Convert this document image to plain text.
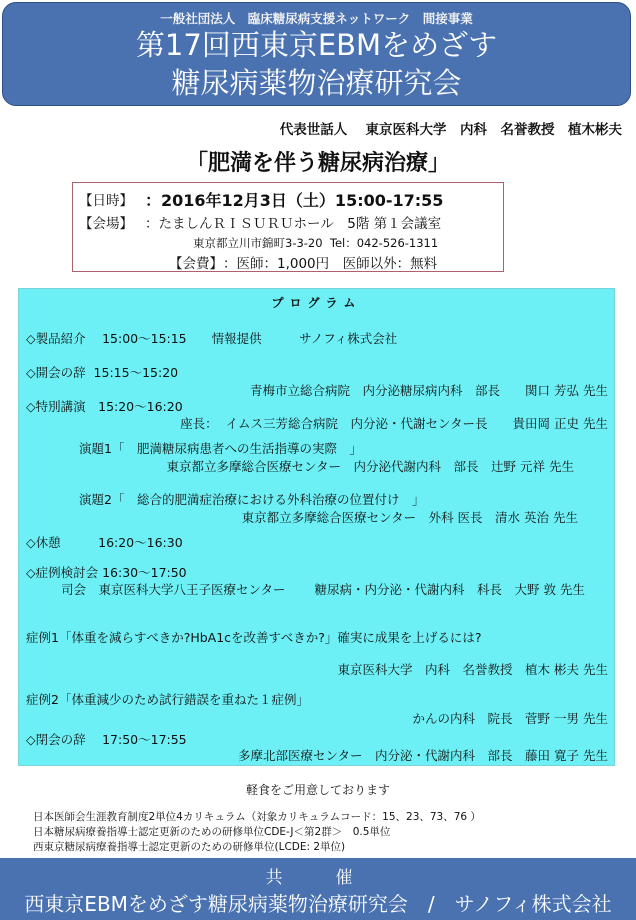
一般社団法人　臨床糖尿病支援ネットワーク　間接事業
第17回西東京EBMをめざす
糖尿病薬物治療研究会
代表世話人　 東京医科大学　内科　名誉教授　植木彬夫
「肥満を伴う糖尿病治療」
【日時】 ：2016年12月3日（土）15:00-17:55
【会場】 ：たましんＲＩＳＵＲＵホール　5階 第１会議室
東京都立川市錦町3-3-20  Tel：042-526-1311
【会費】 ：医師：1,000円　医師以外：無料
プログラム
◇製品紹介　 15:00～15:15　　情報提供　　　サノフィ株式会社
◇開会の辞  15:15～15:20
青梅市立総合病院　内分泌糖尿病内科　部長　　関口 芳弘 先生
◇特別講演　15:20～16:20
座長：  イムス三芳総合病院　内分泌・代謝センター長　　貴田岡 正史 先生
演題1「　肥満糖尿病患者への生活指導の実際　」
東京都立多摩総合医療センター　内分泌代謝内科　部長　辻野 元祥 先生
演題2「　総合的肥満症治療における外科治療の位置付け　」
東京都立多摩総合医療センター　外科 医長　清水 英治 先生
◇休憩　　　16:20～16:30
◇症例検討会 16:30～17:50
司会　東京医科大学八王子医療センター　　 糖尿病・内分泌・代謝内科　科長　大野 敦 先生
症例1「体重を減らすべきか?HbA1cを改善すべきか?」確実に成果を上げるには?
東京医科大学　内科　名誉教授　植木 彬夫 先生
症例2「体重減少のため試行錯誤を重ねた１症例」
かんの内科　院長　菅野 一男 先生
◇閉会の辞　 17:50～17:55
多摩北部医療センター　内分泌・代謝内科　部長　藤田 寛子 先生
軽食をご用意しております
日本医師会生涯教育制度2単位4カリキュラム（対象カリキュラムコード：15、23、73、76 ）
日本糖尿病療養指導士認定更新のための研修単位CDE-J＜第2群＞　0.5単位
西東京糖尿病療養指導士認定更新のための研修単位(LCDE: 2単位)
共　催
西東京EBMをめざす糖尿病薬物治療研究会　/　サノフィ株式会社
